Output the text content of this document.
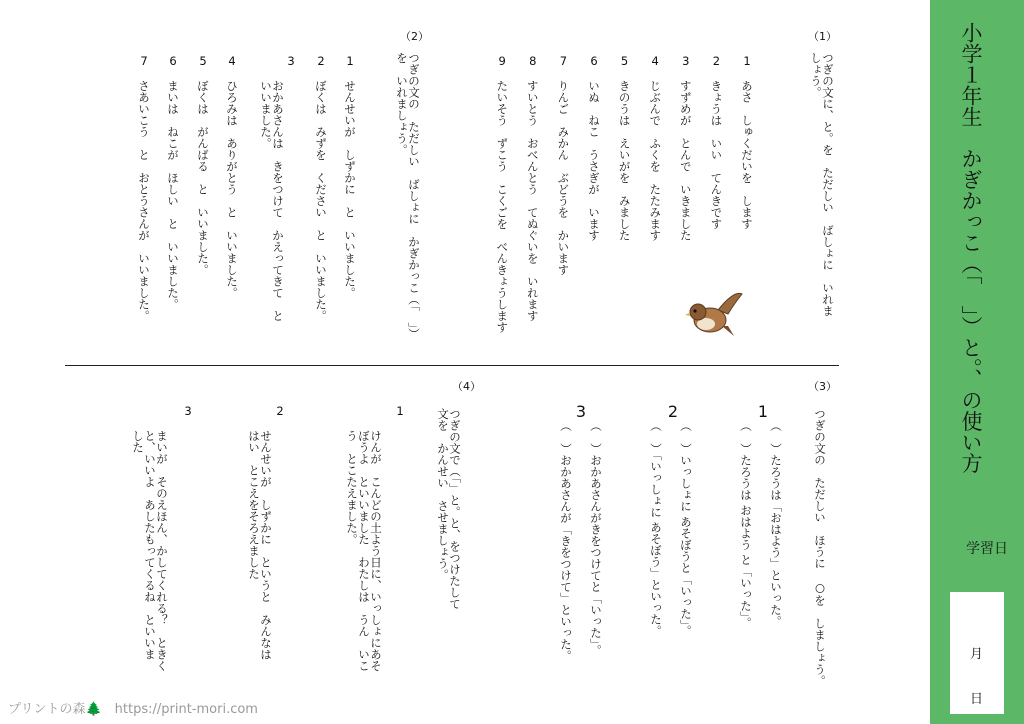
小学１年生　かぎかっこ（「　」）と。、の使い方
学習日
月
日
（1）
つぎの文に、と。を　ただしい　ばしょに　いれま
しょう。
1
あさ　しゅくだいを　します
2
きょうは　いい　てんきです
3
すずめが　とんで　いきました
4
じぶんで　ふくを　たたみます
5
きのうは　えいがを　みました
6
いぬ　ねこ　うさぎが　います
7
りんご　みかん　ぶどうを　かいます
8
すいとう　おべんとう　てぬぐいを　いれます
9
たいそう　ずこう　こくごを　べんきょうします
（2）
つぎの文の　ただしい　ばしょに　かぎかっこ（「　」）
を　いれましょう。
1
せんせいが　しずかに　と　いいました。
2
ぼくは　みずを　ください　と　いいました。
3
おかあさんは　きをつけて　かえってきて　と
いいました。
4
ひろみは　ありがとう　と　いいました。
5
ぼくは　がんばる　と　いいました。
6
まいは　ねこが　ほしい　と　いいました。
7
さあいこう　と　おとうさんが　いいました。
（3）
つぎの文の　ただしい　ほうに　○を　しましょう。
1
（　）たろうは「おはよう」といった。
（　）たろうは おはよう と「いった」。
2
（　）いっしょに あそぼうと「いった」。
（　）「いっしょに あそぼう」といった。
3
（　）おかあさんがきをつけてと「いった」。
（　）おかあさんが「きをつけて」といった。
（4）
つぎの文で（「」と。と、をつけたして
文を　かんせい　させましょう。
1
けんが　こんどの土よう日に、いっしょにあそ
ぼうよ　といいました　わたしは　うん　いこ
う　とこたえました。
2
せんせいが　しずかに　というと　みんなは
はい　とこえをそろえました
3
まいが　そのえほん、かしてくれる？　ときく
と、いいよ　あしたもってくるね　といいま
した
プリントの森🌲　https://print-mori.com
